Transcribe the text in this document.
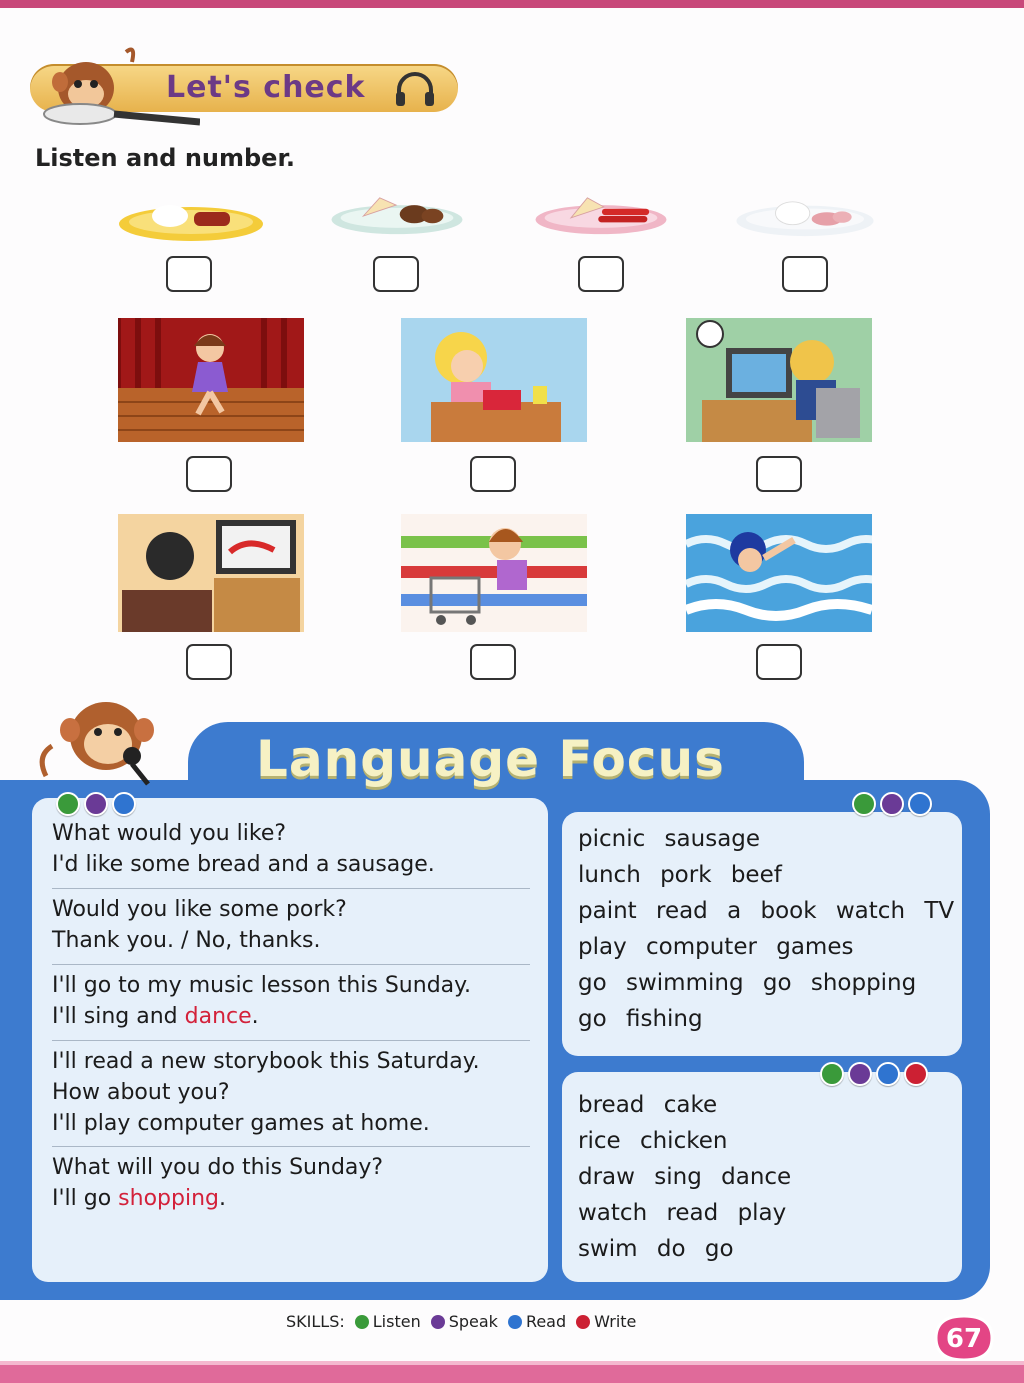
Let's check
Listen and number.
Language Focus
What would you like?
I'd like some bread and a sausage.
Would you like some pork?
Thank you. / No, thanks.
I'll go to my music lesson this Sunday.
I'll sing and dance.
I'll read a new storybook this Saturday.
How about you?
I'll play computer games at home.
What will you do this Sunday?
I'll go shopping.
picnic sausage
lunch pork beef
paint read a book watch TV
play computer games
go swimming go shopping
go fishing
bread cake
rice chicken
draw sing dance
watch read play
swim do go
SKILLS: Listen Speak Read Write
67
